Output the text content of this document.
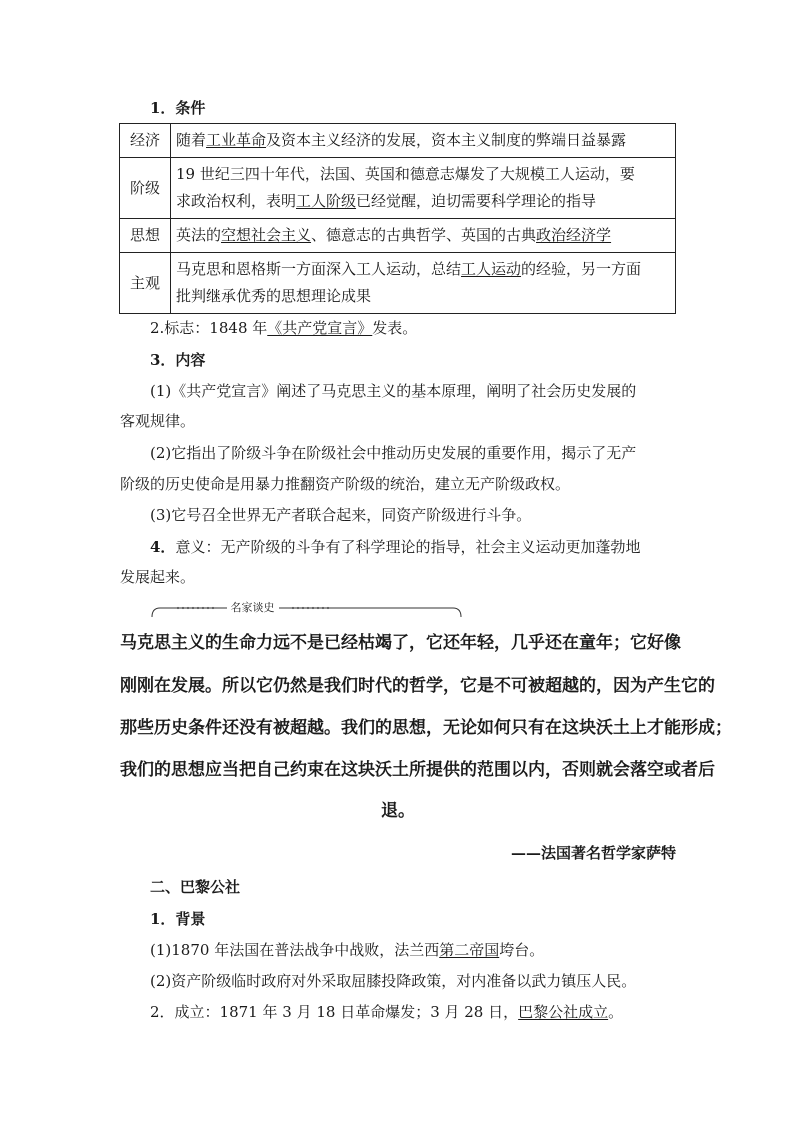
1．条件
经济	随着工业革命及资本主义经济的发展，资本主义制度的弊端日益暴露
阶级	19 世纪三四十年代，法国、英国和德意志爆发了大规模工人运动，要
求政治权利，表明工人阶级已经觉醒，迫切需要科学理论的指导

思想	英法的空想社会主义、德意志的古典哲学、英国的古典政治经济学
主观	马克思和恩格斯一方面深入工人运动，总结工人运动的经验，另一方面
批判继承优秀的思想理论成果
2.标志：1848 年《共产党宣言》发表。
3．内容
(1)《共产党宣言》阐述了马克思主义的基本原理，阐明了社会历史发展的
客观规律。
(2)它指出了阶级斗争在阶级社会中推动历史发展的重要作用，揭示了无产
阶级的历史使命是用暴力推翻资产阶级的统治，建立无产阶级政权。
(3)它号召全世界无产者联合起来，同资产阶级进行斗争。
4．意义：无产阶级的斗争有了科学理论的指导，社会主义运动更加蓬勃地
发展起来。
名家谈史
马克思主义的生命力远不是已经枯竭了，它还年轻，几乎还在童年；它好像
刚刚在发展。所以它仍然是我们时代的哲学，它是不可被超越的，因为产生它的
那些历史条件还没有被超越。我们的思想，无论如何只有在这块沃土上才能形成；
我们的思想应当把自己约束在这块沃土所提供的范围以内，否则就会落空或者后
退。
——法国著名哲学家萨特
二、巴黎公社
1．背景
(1)1870 年法国在普法战争中战败，法兰西第二帝国垮台。
(2)资产阶级临时政府对外采取屈膝投降政策，对内准备以武力镇压人民。
2．成立：1871 年 3 月 18 日革命爆发；3 月 28 日，巴黎公社成立。
